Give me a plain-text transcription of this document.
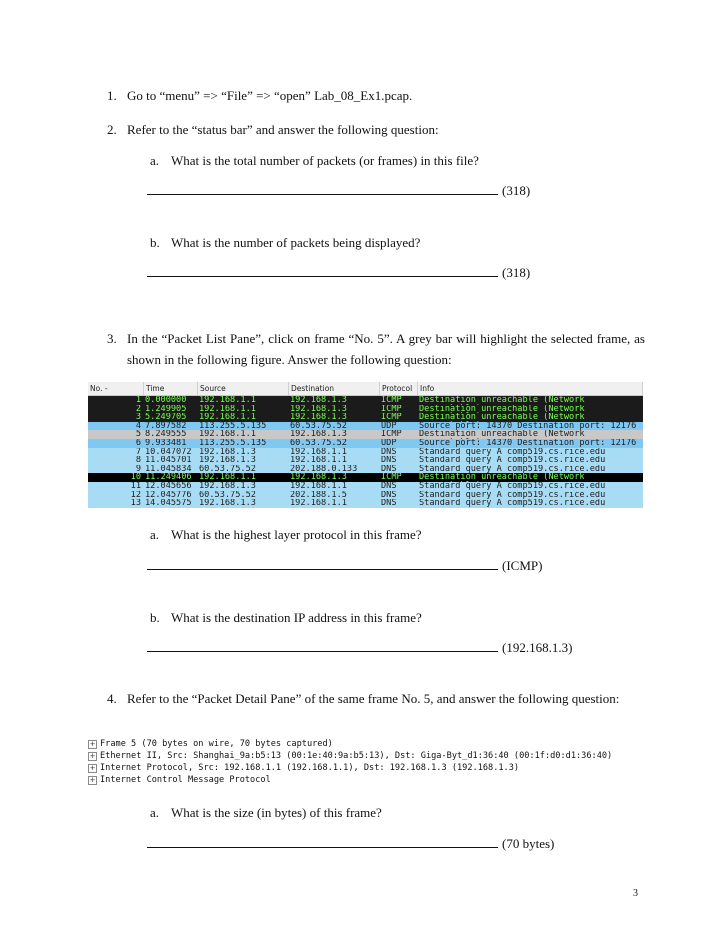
1. Go to “menu” => “File” => “open” Lab_08_Ex1.pcap.
2. Refer to the “status bar” and answer the following question:
a. What is the total number of packets (or frames) in this file?
(318)
b. What is the number of packets being displayed?
(318)
3. In the “Packet List Pane”, click on frame “No. 5”. A grey bar will highlight the selected frame, as shown in the following figure. Answer the following question:
No. -	Time	Source	Destination	Protocol	Info
1 0.000000	192.168.1.1	192.168.1.3	ICMP	Destination unreachable (Network
2 1.249905	192.168.1.1	192.168.1.3	ICMP	Destination unreachable (Network
3 5.249705	192.168.1.1	192.168.1.3	ICMP	Destination unreachable (Network
4 7.897582	113.255.5.135	60.53.75.52	UDP	Source port: 14370 Destination port: 12176
5 8.249555	192.168.1.1	192.168.1.3	ICMP	Destination unreachable (Network
6 9.933481	113.255.5.135	60.53.75.52	UDP	Source port: 14370 Destination port: 12176
7 10.047072 192.168.1.3	192.168.1.1	DNS	Standard query A comp519.cs.rice.edu
8 11.045701 192.168.1.3	192.168.1.1	DNS	Standard query A comp519.cs.rice.edu
9 11.045834 60.53.75.52	202.188.0.133	DNS	Standard query A comp519.cs.rice.edu
10 11.249406 192.168.1.1	192.168.1.3	ICMP	Destination unreachable (Network
11 12.045656 192.168.1.3	192.168.1.1	DNS	Standard query A comp519.cs.rice.edu
12 12.045776 60.53.75.52	202.188.1.5	DNS	Standard query A comp519.cs.rice.edu
13 14.045575 192.168.1.3	192.168.1.1	DNS	Standard query A comp519.cs.rice.edu
a. What is the highest layer protocol in this frame?
(ICMP)
b. What is the destination IP address in this frame?
(192.168.1.3)
4. Refer to the “Packet Detail Pane” of the same frame No. 5, and answer the following question:
+ Frame 5 (70 bytes on wire, 70 bytes captured)
+ Ethernet II, Src: Shanghai_9a:b5:13 (00:1e:40:9a:b5:13), Dst: Giga-Byt_d1:36:40 (00:1f:d0:d1:36:40)
+ Internet Protocol, Src: 192.168.1.1 (192.168.1.1), Dst: 192.168.1.3 (192.168.1.3)
+ Internet Control Message Protocol
a. What is the size (in bytes) of this frame?
(70 bytes)
3
